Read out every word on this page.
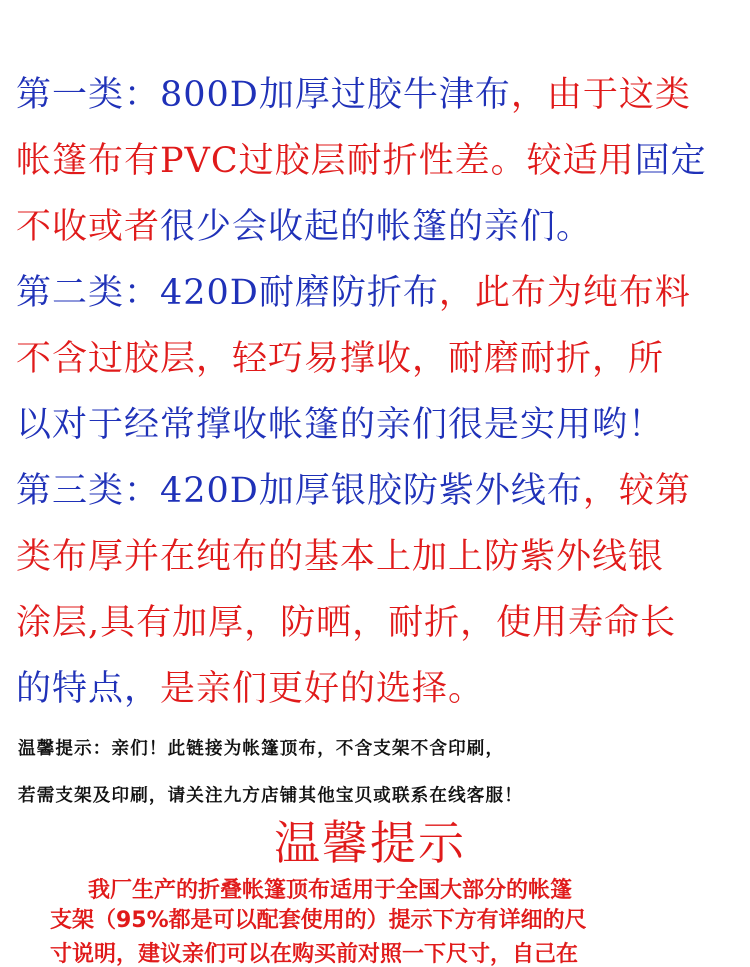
第一类：800D加厚过胶牛津布，由于这类
帐篷布有PVC过胶层耐折性差。较适用固定
不收或者很少会收起的帐篷的亲们。
第二类：420D耐磨防折布，此布为纯布料
不含过胶层，轻巧易撑收，耐磨耐折，所
以对于经常撑收帐篷的亲们很是实用哟！
第三类：420D加厚银胶防紫外线布，较第
类布厚并在纯布的基本上加上防紫外线银
涂层,具有加厚，防晒，耐折，使用寿命长
的特点，是亲们更好的选择。
温馨提示：亲们！此链接为帐篷顶布，不含支架不含印刷，
若需支架及印刷，请关注九方店铺其他宝贝或联系在线客服！
温馨提示
我厂生产的折叠帐篷顶布适用于全国大部分的帐篷
支架（95%都是可以配套使用的）提示下方有详细的尺
寸说明，建议亲们可以在购买前对照一下尺寸，自己在
